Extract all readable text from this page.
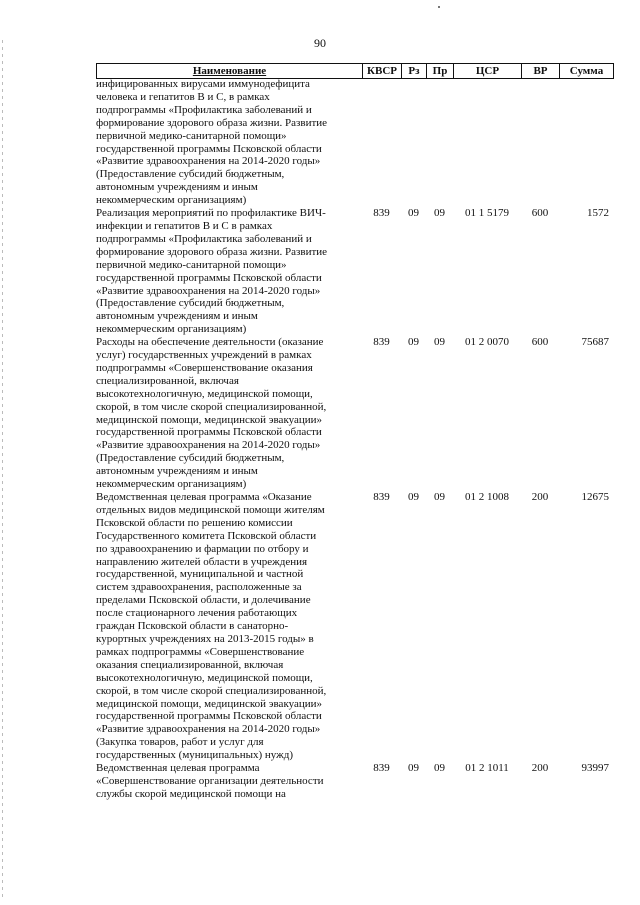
90
Наименование	КВСР	Рз	Пр	ЦСР	ВР	Сумма
инфицированных вирусами иммунодефицита
человека и гепатитов В и С, в рамках
подпрограммы «Профилактика заболеваний и
формирование здорового образа жизни. Развитие
первичной медико-санитарной помощи»
государственной программы Псковской области
«Развитие здравоохранения на 2014-2020 годы»
(Предоставление субсидий бюджетным,
автономным учреждениям и иным
некоммерческим организациям)
Реализация мероприятий по профилактике ВИЧ-
инфекции и гепатитов В и С в рамках
подпрограммы «Профилактика заболеваний и
формирование здорового образа жизни. Развитие
первичной медико-санитарной помощи»
государственной программы Псковской области
«Развитие здравоохранения на 2014-2020 годы»
(Предоставление субсидий бюджетным,
автономным учреждениям и иным
некоммерческим организациям)
839	09	09	01 1 5179	600	1572
Расходы на обеспечение деятельности (оказание
услуг) государственных учреждений в рамках
подпрограммы «Совершенствование оказания
специализированной, включая
высокотехнологичную, медицинской помощи,
скорой, в том числе скорой специализированной,
медицинской помощи, медицинской эвакуации»
государственной программы Псковской области
«Развитие здравоохранения на 2014-2020 годы»
(Предоставление субсидий бюджетным,
автономным учреждениям и иным
некоммерческим организациям)
839	09	09	01 2 0070	600	75687
Ведомственная целевая программа «Оказание
отдельных видов медицинской помощи жителям
Псковской области по решению комиссии
Государственного комитета Псковской области
по здравоохранению и фармации по отбору и
направлению жителей области в учреждения
государственной, муниципальной и частной
систем здравоохранения, расположенные за
пределами Псковской области, и долечивание
после стационарного лечения работающих
граждан Псковской области в санаторно-
курортных учреждениях на 2013-2015 годы» в
рамках подпрограммы «Совершенствование
оказания специализированной, включая
высокотехнологичную, медицинской помощи,
скорой, в том числе скорой специализированной,
медицинской помощи, медицинской эвакуации»
государственной программы Псковской области
«Развитие здравоохранения на 2014-2020 годы»
(Закупка товаров, работ и услуг для
государственных (муниципальных) нужд)
839	09	09	01 2 1008	200	12675
Ведомственная целевая программа
«Совершенствование организации деятельности
службы скорой медицинской помощи на
839	09	09	01 2 1011	200	93997
